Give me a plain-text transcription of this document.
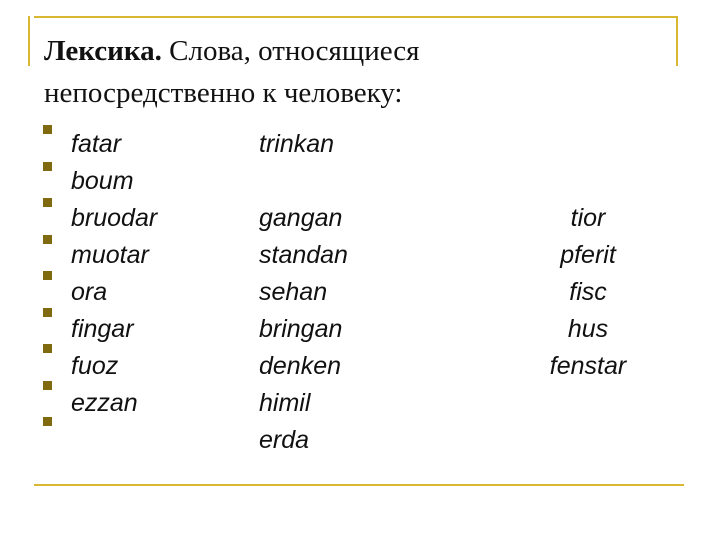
Лексика. Слова, относящиеся непосредственно к человеку:
fatar
boum
bruodar
muotar
ora
fingar
fuoz
ezzan
trinkan
gangan
standan
sehan
bringan
denken
himil
erda
tior
pferit
fisc
hus
fenstar
